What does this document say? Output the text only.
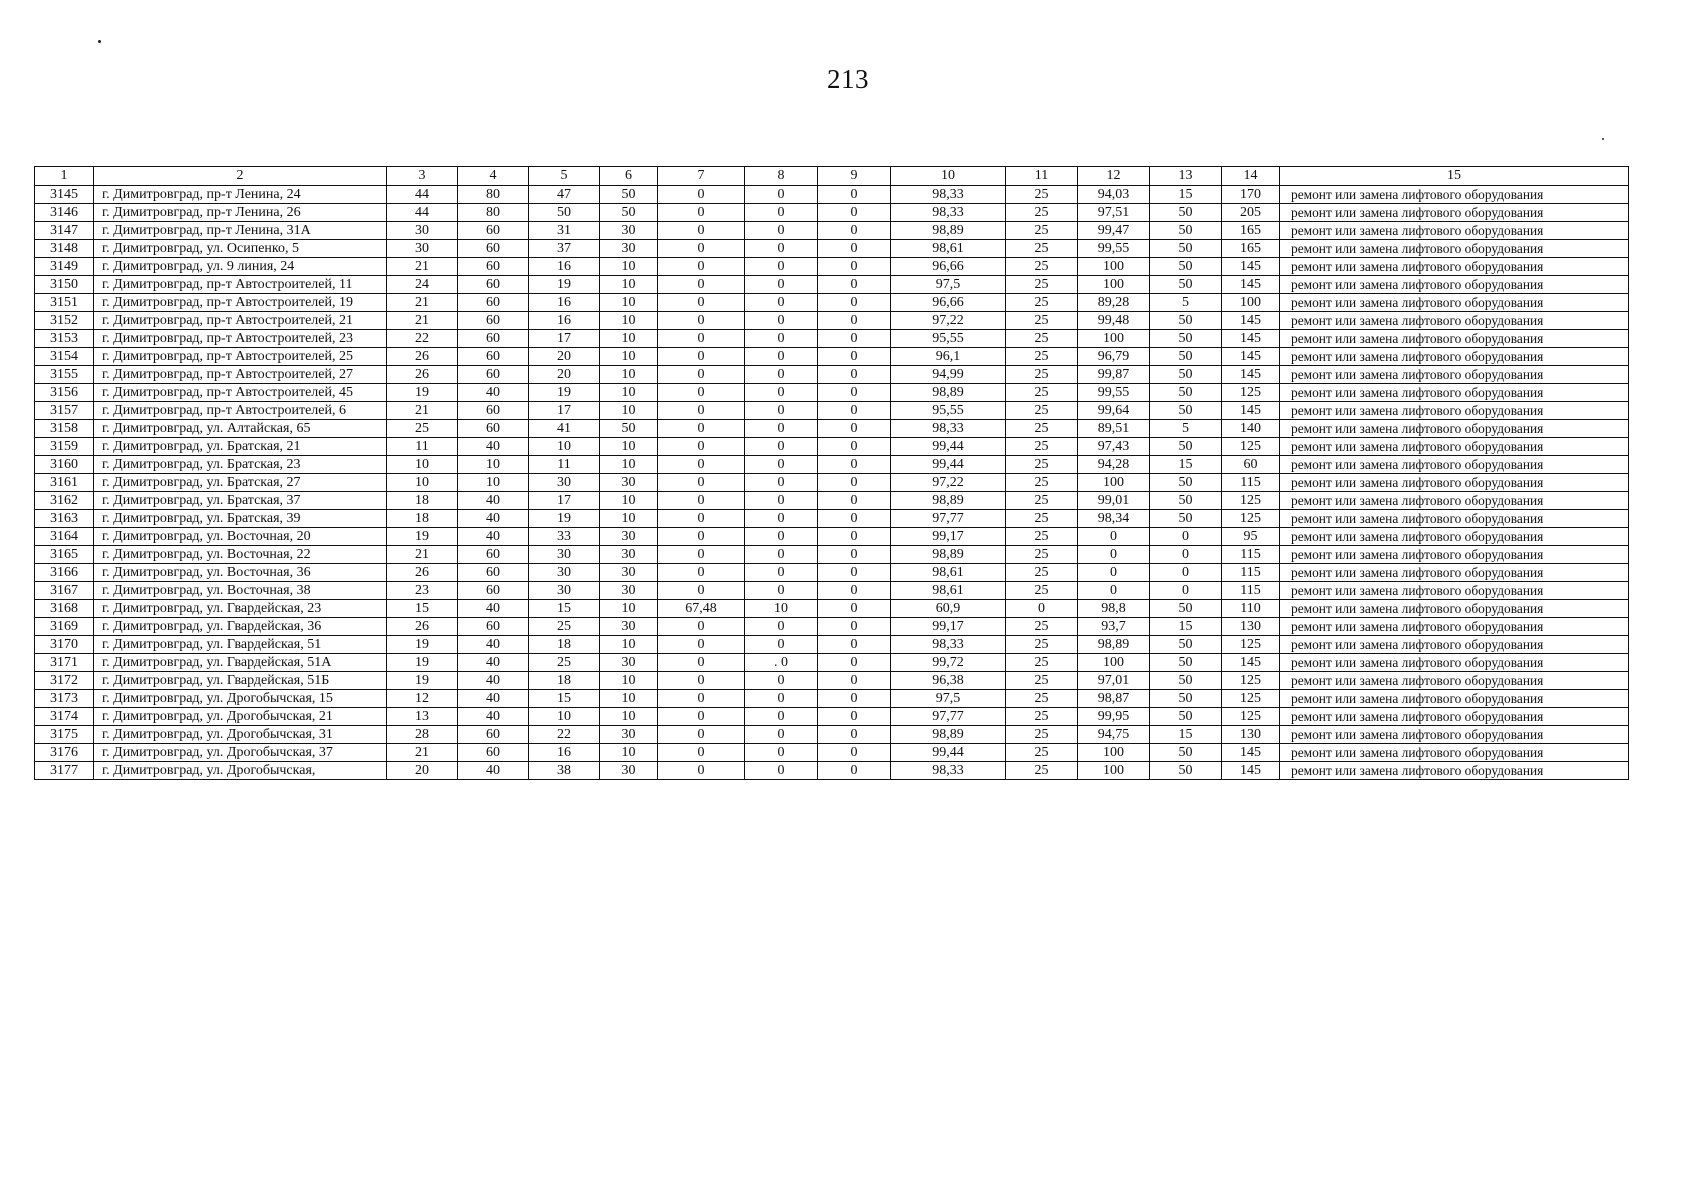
213
1	2	3	4	5	6	7	8	9	10	11	12	13	14	15
3145	г. Димитровград, пр-т Ленина, 24	44	80	47	50	0	0	0	98,33	25	94,03	15	170	ремонт или замена лифтового оборудования
3146	г. Димитровград, пр-т Ленина, 26	44	80	50	50	0	0	0	98,33	25	97,51	50	205	ремонт или замена лифтового оборудования
3147	г. Димитровград, пр-т Ленина, 31А	30	60	31	30	0	0	0	98,89	25	99,47	50	165	ремонт или замена лифтового оборудования
3148	г. Димитровград, ул. Осипенко, 5	30	60	37	30	0	0	0	98,61	25	99,55	50	165	ремонт или замена лифтового оборудования
3149	г. Димитровград, ул. 9 линия, 24	21	60	16	10	0	0	0	96,66	25	100	50	145	ремонт или замена лифтового оборудования
3150	г. Димитровград, пр-т Автостроителей, 11	24	60	19	10	0	0	0	97,5	25	100	50	145	ремонт или замена лифтового оборудования
3151	г. Димитровград, пр-т Автостроителей, 19	21	60	16	10	0	0	0	96,66	25	89,28	5	100	ремонт или замена лифтового оборудования
3152	г. Димитровград, пр-т Автостроителей, 21	21	60	16	10	0	0	0	97,22	25	99,48	50	145	ремонт или замена лифтового оборудования
3153	г. Димитровград, пр-т Автостроителей, 23	22	60	17	10	0	0	0	95,55	25	100	50	145	ремонт или замена лифтового оборудования
3154	г. Димитровград, пр-т Автостроителей, 25	26	60	20	10	0	0	0	96,1	25	96,79	50	145	ремонт или замена лифтового оборудования
3155	г. Димитровград, пр-т Автостроителей, 27	26	60	20	10	0	0	0	94,99	25	99,87	50	145	ремонт или замена лифтового оборудования
3156	г. Димитровград, пр-т Автостроителей, 45	19	40	19	10	0	0	0	98,89	25	99,55	50	125	ремонт или замена лифтового оборудования
3157	г. Димитровград, пр-т Автостроителей, 6	21	60	17	10	0	0	0	95,55	25	99,64	50	145	ремонт или замена лифтового оборудования
3158	г. Димитровград, ул. Алтайская, 65	25	60	41	50	0	0	0	98,33	25	89,51	5	140	ремонт или замена лифтового оборудования
3159	г. Димитровград, ул. Братская, 21	11	40	10	10	0	0	0	99,44	25	97,43	50	125	ремонт или замена лифтового оборудования
3160	г. Димитровград, ул. Братская, 23	10	10	11	10	0	0	0	99,44	25	94,28	15	60	ремонт или замена лифтового оборудования
3161	г. Димитровград, ул. Братская, 27	10	10	30	30	0	0	0	97,22	25	100	50	115	ремонт или замена лифтового оборудования
3162	г. Димитровград, ул. Братская, 37	18	40	17	10	0	0	0	98,89	25	99,01	50	125	ремонт или замена лифтового оборудования
3163	г. Димитровград, ул. Братская, 39	18	40	19	10	0	0	0	97,77	25	98,34	50	125	ремонт или замена лифтового оборудования
3164	г. Димитровград, ул. Восточная, 20	19	40	33	30	0	0	0	99,17	25	0	0	95	ремонт или замена лифтового оборудования
3165	г. Димитровград, ул. Восточная, 22	21	60	30	30	0	0	0	98,89	25	0	0	115	ремонт или замена лифтового оборудования
3166	г. Димитровград, ул. Восточная, 36	26	60	30	30	0	0	0	98,61	25	0	0	115	ремонт или замена лифтового оборудования
3167	г. Димитровград, ул. Восточная, 38	23	60	30	30	0	0	0	98,61	25	0	0	115	ремонт или замена лифтового оборудования
3168	г. Димитровград, ул. Гвардейская, 23	15	40	15	10	67,48	10	0	60,9	0	98,8	50	110	ремонт или замена лифтового оборудования
3169	г. Димитровград, ул. Гвардейская, 36	26	60	25	30	0	0	0	99,17	25	93,7	15	130	ремонт или замена лифтового оборудования
3170	г. Димитровград, ул. Гвардейская, 51	19	40	18	10	0	0	0	98,33	25	98,89	50	125	ремонт или замена лифтового оборудования
3171	г. Димитровград, ул. Гвардейская, 51А	19	40	25	30	0	. 0	0	99,72	25	100	50	145	ремонт или замена лифтового оборудования
3172	г. Димитровград, ул. Гвардейская, 51Б	19	40	18	10	0	0	0	96,38	25	97,01	50	125	ремонт или замена лифтового оборудования
3173	г. Димитровград, ул. Дрогобычская, 15	12	40	15	10	0	0	0	97,5	25	98,87	50	125	ремонт или замена лифтового оборудования
3174	г. Димитровград, ул. Дрогобычская, 21	13	40	10	10	0	0	0	97,77	25	99,95	50	125	ремонт или замена лифтового оборудования
3175	г. Димитровград, ул. Дрогобычская, 31	28	60	22	30	0	0	0	98,89	25	94,75	15	130	ремонт или замена лифтового оборудования
3176	г. Димитровград, ул. Дрогобычская, 37	21	60	16	10	0	0	0	99,44	25	100	50	145	ремонт или замена лифтового оборудования
3177	г. Димитровград, ул. Дрогобычская,	20	40	38	30	0	0	0	98,33	25	100	50	145	ремонт или замена лифтового оборудования
